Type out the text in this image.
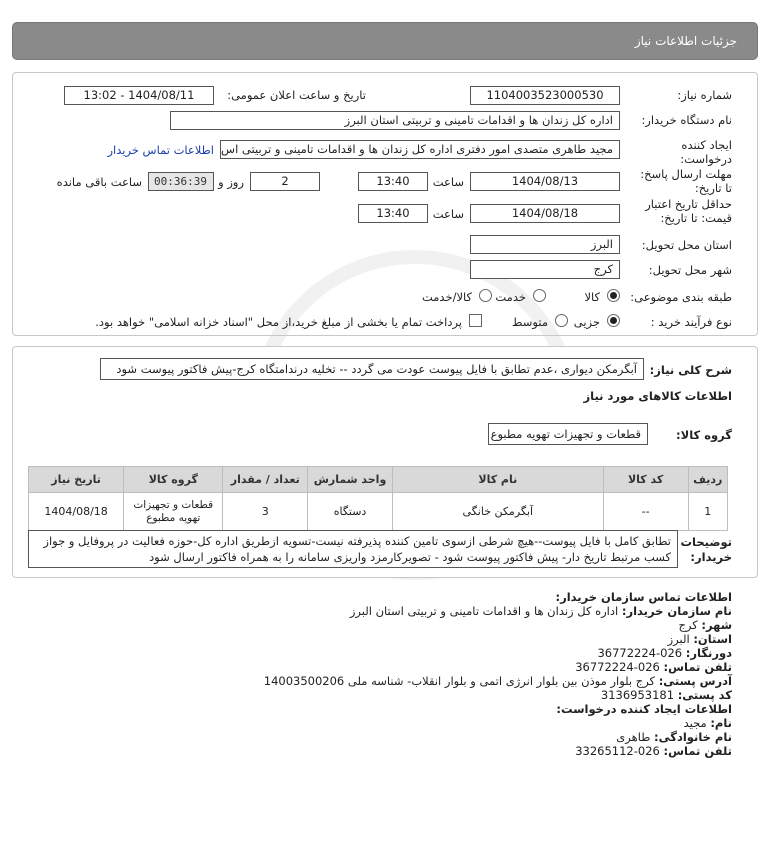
جزئیات اطلاعات نیاز
شماره نیاز:
1104003523000530
تاریخ و ساعت اعلان عمومی:
1404/08/11 - 13:02
نام دستگاه خریدار:
اداره کل زندان ها و اقدامات تامینی و تربیتی استان البرز
ایجاد کننده
درخواست:
مجید طاهری متصدی امور دفتری اداره کل زندان ها و اقدامات تامینی و تربیتی اس
اطلاعات تماس خریدار
مهلت ارسال پاسخ:
تا تاریخ:
1404/08/13
ساعت
13:40
2
روز و
00:36:39
ساعت باقی مانده
حداقل تاریخ اعتبار
قیمت: تا تاریخ:
1404/08/18
ساعت
13:40
استان محل تحویل:
البرز
شهر محل تحویل:
کرج
طبقه بندی موضوعی:
کالا
خدمت
کالا/خدمت
نوع فرآیند خرید :
جزیی
متوسط
پرداخت تمام یا بخشی از مبلغ خرید،از محل "اسناد خزانه اسلامی" خواهد بود.
شرح کلی نیاز:
آبگرمکن دیواری ،عدم تطابق با فایل پیوست عودت می گردد -- تخلیه درندامتگاه کرج-پیش فاکتور پیوست شود
اطلاعات کالاهای مورد نیاز
گروه کالا:
قطعات و تجهیزات تهویه مطبوع
ردیف	کد کالا	نام کالا	واحد شمارش	تعداد / مقدار	گروه کالا	تاریخ نیاز
1	--	آبگرمکن خانگی	دستگاه	3	قطعات و تجهیزات تهویه مطبوع	1404/08/18
توضیحات
خریدار:
تطابق کامل با فایل پیوست--هیچ شرطی ازسوی تامین کننده پذیرفته نیست-تسویه ازطریق اداره کل-حوزه فعالیت در پروفایل و جواز کسب مرتبط تاریخ دار- پیش فاکتور پیوست شود - تصویرکارمزد واریزی سامانه را به همراه فاکتور ارسال شود
اطلاعات تماس سازمان خریدار:
نام سازمان خریدار: اداره کل زندان ها و اقدامات تامینی و تربیتی استان البرز
شهر: کرج
استان: البرز
دورنگار: 026-36772224
تلفن تماس: 026-36772224
آدرس پستی: کرج بلوار موذن بین بلوار انرژی اتمی و بلوار انقلاب- شناسه ملی 14003500206
کد پستی: 3136953181
اطلاعات ایجاد کننده درخواست:
نام: مجید
نام خانوادگی: طاهری
تلفن تماس: 026-33265112
